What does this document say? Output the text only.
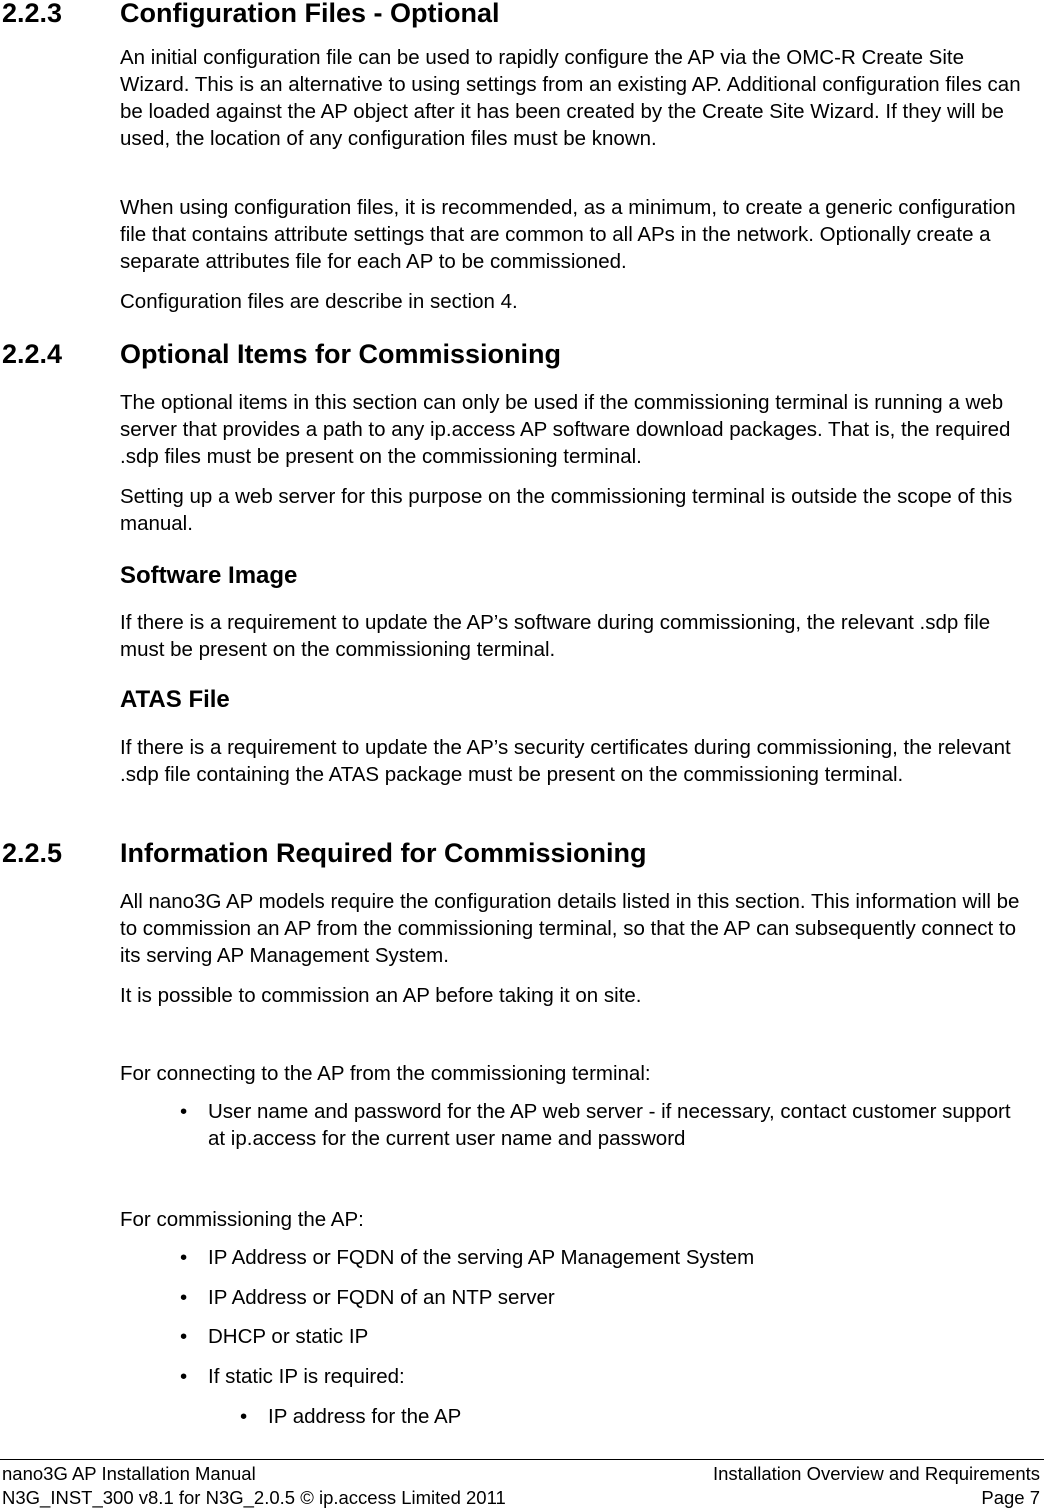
2.2.3 Configuration Files - Optional
An initial configuration file can be used to rapidly configure the AP via the OMC-R Create Site Wizard. This is an alternative to using settings from an existing AP. Additional configuration files can be loaded against the AP object after it has been created by the Create Site Wizard. If they will be used, the location of any configuration files must be known.
When using configuration files, it is recommended, as a minimum, to create a generic configuration file that contains attribute settings that are common to all APs in the network. Optionally create a separate attributes file for each AP to be commissioned.
Configuration files are describe in section 4.
2.2.4 Optional Items for Commissioning
The optional items in this section can only be used if the commissioning terminal is running a web server that provides a path to any ip.access AP software download packages. That is, the required .sdp files must be present on the commissioning terminal.
Setting up a web server for this purpose on the commissioning terminal is outside the scope of this manual.
Software Image
If there is a requirement to update the AP’s software during commissioning, the relevant .sdp file must be present on the commissioning terminal.
ATAS File
If there is a requirement to update the AP’s security certificates during commissioning, the relevant .sdp file containing the ATAS package must be present on the commissioning terminal.
2.2.5 Information Required for Commissioning
All nano3G AP models require the configuration details listed in this section. This information will be to commission an AP from the commissioning terminal, so that the AP can subsequently connect to its serving AP Management System.
It is possible to commission an AP before taking it on site.
For connecting to the AP from the commissioning terminal:
• User name and password for the AP web server - if necessary, contact customer support at ip.access for the current user name and password
For commissioning the AP:
• IP Address or FQDN of the serving AP Management System
• IP Address or FQDN of an NTP server
• DHCP or static IP
• If static IP is required:
• IP address for the AP
nano3G AP Installation Manual
N3G_INST_300 v8.1 for N3G_2.0.5 © ip.access Limited 2011
Installation Overview and Requirements
Page 7
